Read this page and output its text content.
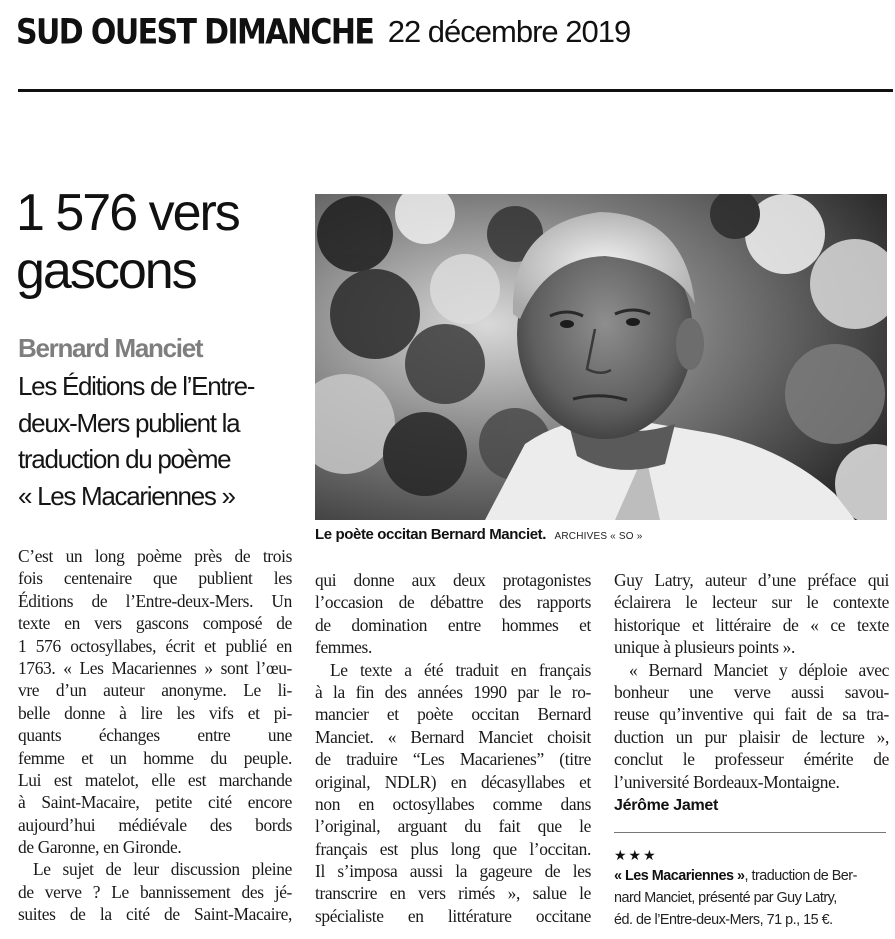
SUD OUEST DIMANCHE 22 décembre 2019
1 576 vers
gascons
Bernard Manciet
Les Éditions de l’Entre-
deux-Mers publient la
traduction du poème
« Les Macariennes »
Le poète occitan Bernard Manciet. ARCHIVES « SO »
C’est un long poème près de trois
fois centenaire que publient les
Éditions de l’Entre-deux-Mers. Un
texte en vers gascons composé de
1 576 octosyllabes, écrit et publié en
1763. « Les Macariennes » sont l’œu-
vre d’un auteur anonyme. Le li-
belle donne à lire les vifs et pi-
quants échanges entre une
femme et un homme du peuple.
Lui est matelot, elle est marchande
à Saint-Macaire, petite cité encore
aujourd’hui médiévale des bords
de Garonne, en Gironde.
Le sujet de leur discussion pleine
de verve ? Le bannissement des jé-
suites de la cité de Saint-Macaire,
qui donne aux deux protagonistes
l’occasion de débattre des rapports
de domination entre hommes et
femmes.
Le texte a été traduit en français
à la fin des années 1990 par le ro-
mancier et poète occitan Bernard
Manciet. « Bernard Manciet choisit
de traduire “Les Macarienes” (titre
original, NDLR) en décasyllabes et
non en octosyllabes comme dans
l’original, arguant du fait que le
français est plus long que l’occitan.
Il s’imposa aussi la gageure de les
transcrire en vers rimés », salue le
spécialiste en littérature occitane
Guy Latry, auteur d’une préface qui
éclairera le lecteur sur le contexte
historique et littéraire de « ce texte
unique à plusieurs points ».
« Bernard Manciet y déploie avec
bonheur une verve aussi savou-
reuse qu’inventive qui fait de sa tra-
duction un pur plaisir de lecture »,
conclut le professeur émérite de
l’université Bordeaux-Montaigne.
Jérôme Jamet
★★★
« Les Macariennes », traduction de Ber-
nard Manciet, présenté par Guy Latry,
éd. de l’Entre-deux-Mers, 71 p., 15 €.
